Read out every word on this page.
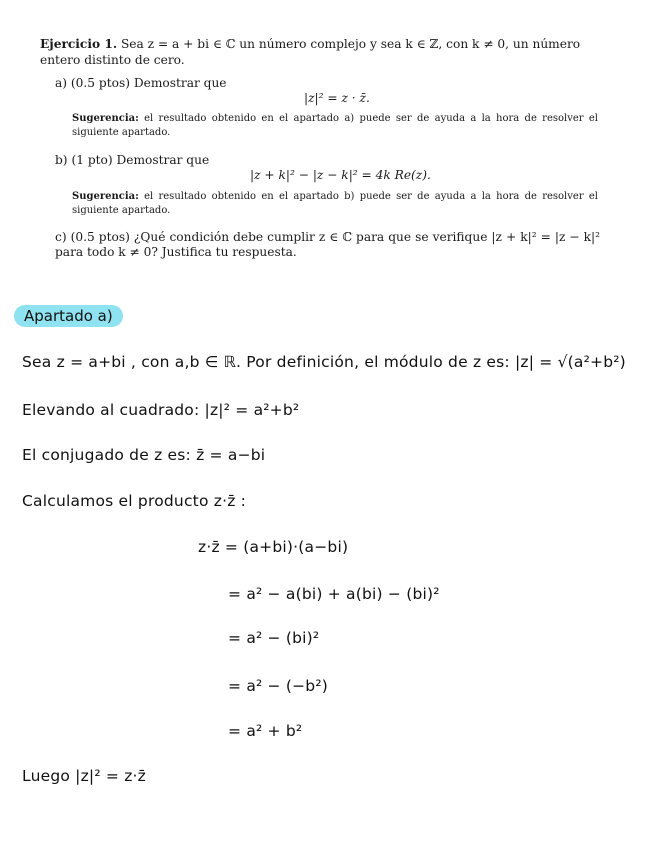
Ejercicio 1. Sea z = a + bi ∈ ℂ un número complejo y sea k ∈ ℤ, con k ≠ 0, un número entero distinto de cero.
a) (0.5 ptos) Demostrar que
|z|² = z · z̄.
Sugerencia: el resultado obtenido en el apartado a) puede ser de ayuda a la hora de resolver el siguiente apartado.
b) (1 pto) Demostrar que
|z + k|² − |z − k|² = 4k Re(z).
Sugerencia: el resultado obtenido en el apartado b) puede ser de ayuda a la hora de resolver el siguiente apartado.
c) (0.5 ptos) ¿Qué condición debe cumplir z ∈ ℂ para que se verifique |z + k|² = |z − k|² para todo k ≠ 0? Justifica tu respuesta.
Apartado a)
Sea z = a+bi , con a,b ∈ ℝ. Por definición, el módulo de z es: |z| = √(a²+b²)
Elevando al cuadrado: |z|² = a²+b²
El conjugado de z es: z̄ = a−bi
Calculamos el producto z·z̄ :
z·z̄ = (a+bi)·(a−bi)
= a² − a(bi) + a(bi) − (bi)²
= a² − (bi)²
= a² − (−b²)
= a² + b²
Luego |z|² = z·z̄
